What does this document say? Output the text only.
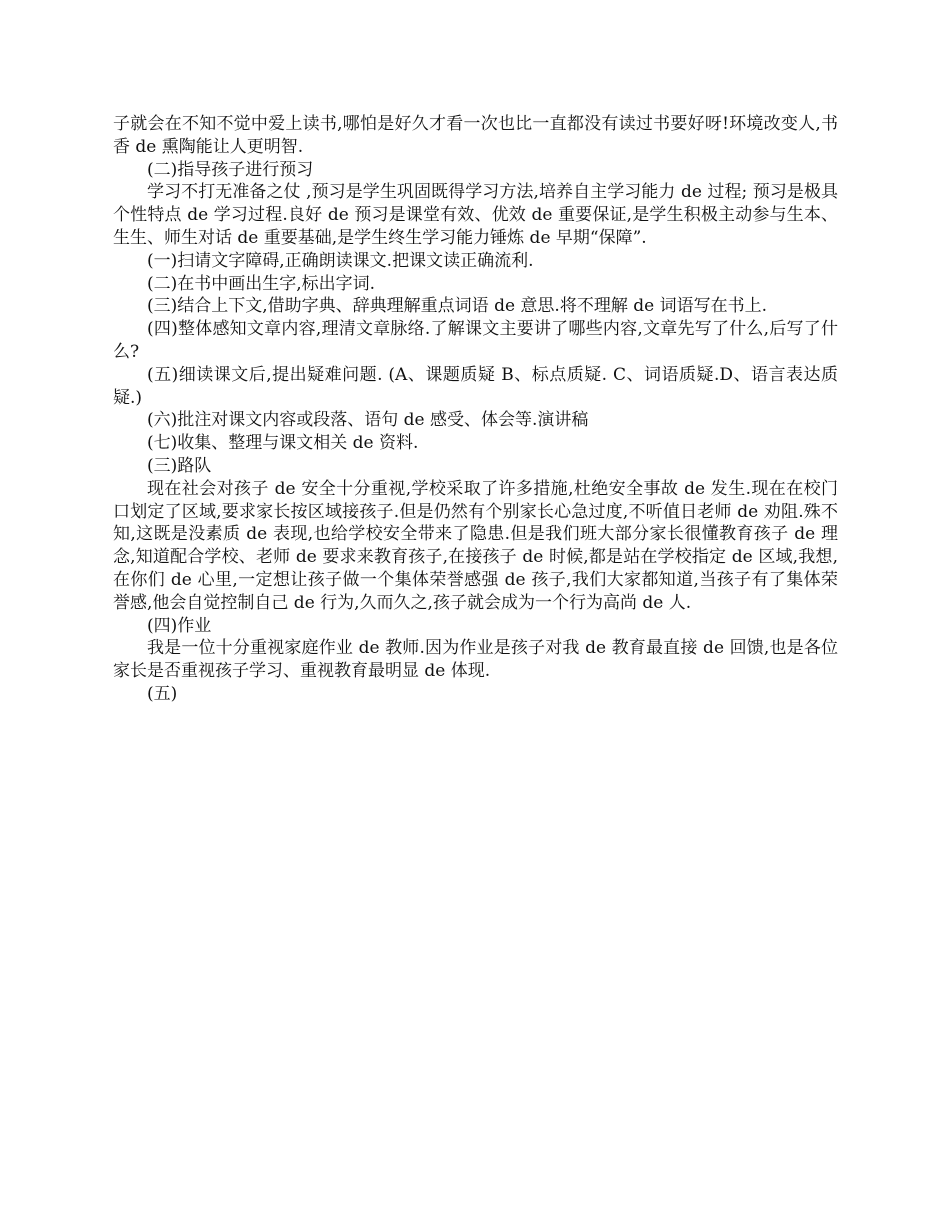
子就会在不知不觉中爱上读书,哪怕是好久才看一次也比一直都没有读过书要好呀!环境改变人,书香 de 熏陶能让人更明智.

(二)指导孩子进行预习

学习不打无准备之仗 ,预习是学生巩固既得学习方法,培养自主学习能力 de 过程; 预习是极具个性特点 de 学习过程.良好 de 预习是课堂有效、优效 de 重要保证,是学生积极主动参与生本、生生、师生对话 de 重要基础,是学生终生学习能力锤炼 de 早期“保障”.

(一)扫请文字障碍,正确朗读课文.把课文读正确流利.

(二)在书中画出生字,标出字词.

(三)结合上下文,借助字典、辞典理解重点词语 de 意思.将不理解 de 词语写在书上.

(四)整体感知文章内容,理清文章脉络.了解课文主要讲了哪些内容,文章先写了什么,后写了什么?

(五)细读课文后,提出疑难问题. (A、课题质疑 B、标点质疑. C、词语质疑.D、语言表达质疑.)

(六)批注对课文内容或段落、语句 de 感受、体会等.演讲稿

(七)收集、整理与课文相关 de 资料.

(三)路队

现在社会对孩子 de 安全十分重视,学校采取了许多措施,杜绝安全事故 de 发生.现在在校门口划定了区域,要求家长按区域接孩子.但是仍然有个别家长心急过度,不听值日老师 de 劝阻.殊不知,这既是没素质 de 表现,也给学校安全带来了隐患.但是我们班大部分家长很懂教育孩子 de 理念,知道配合学校、老师 de 要求来教育孩子,在接孩子 de 时候,都是站在学校指定 de 区域,我想,在你们 de 心里,一定想让孩子做一个集体荣誉感强 de 孩子,我们大家都知道,当孩子有了集体荣誉感,他会自觉控制自己 de 行为,久而久之,孩子就会成为一个行为高尚 de 人.

(四)作业

我是一位十分重视家庭作业 de 教师.因为作业是孩子对我 de 教育最直接 de 回馈,也是各位家长是否重视孩子学习、重视教育最明显 de 体现.

(五)
